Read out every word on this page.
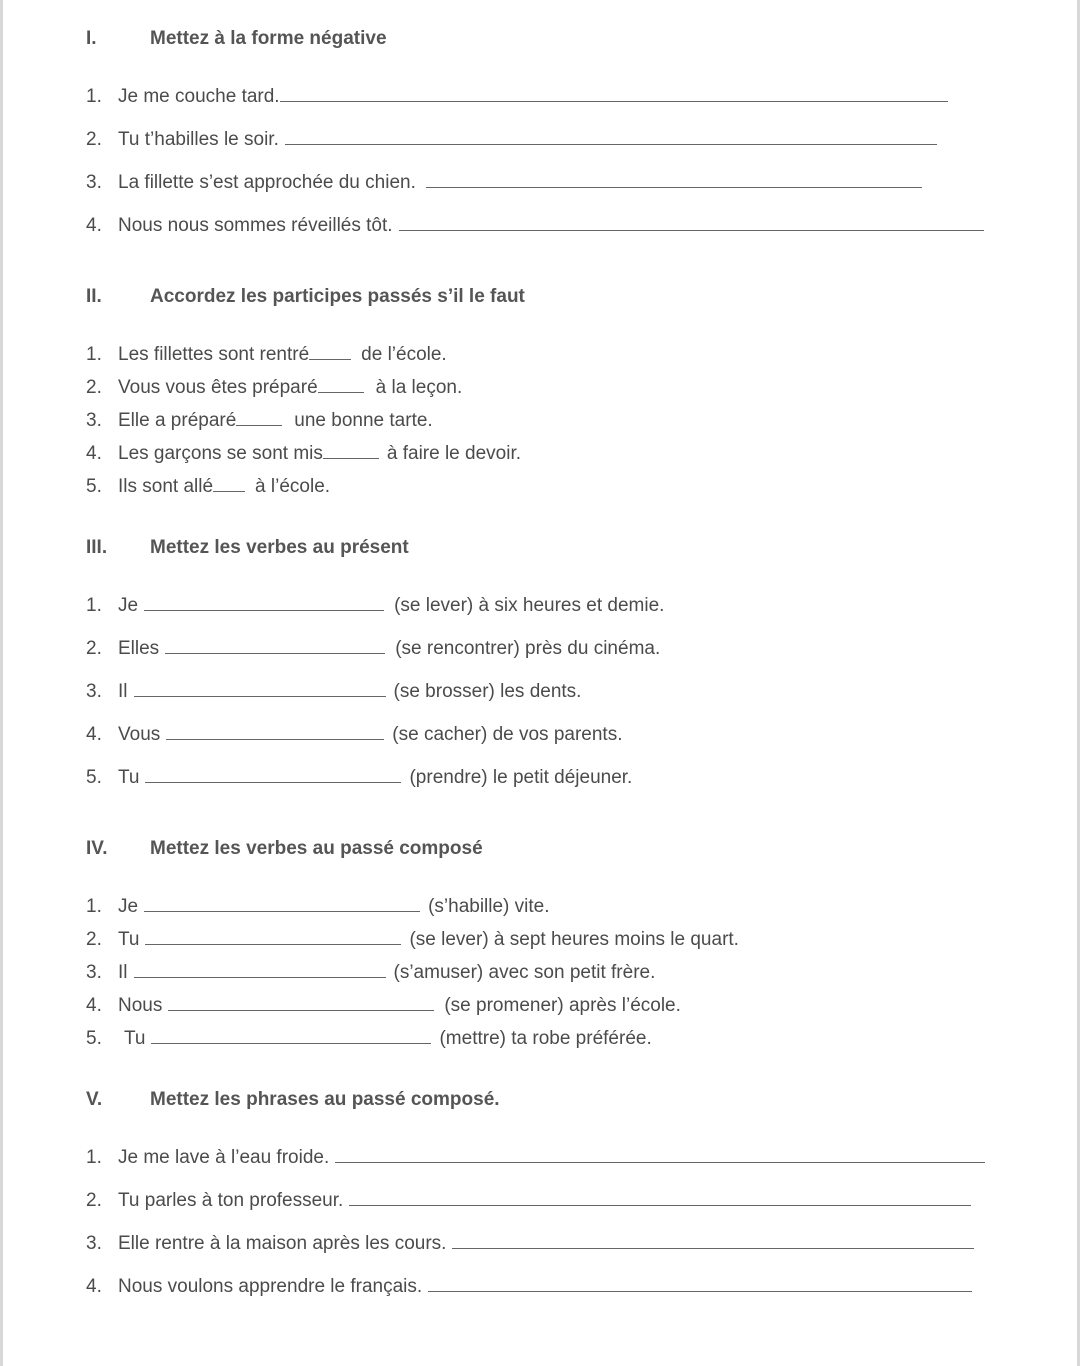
I.	Mettez à la forme négative
1. Je me couche tard.
2. Tu t’habilles le soir.
3. La fillette s’est approchée du chien.
4. Nous nous sommes réveillés tôt.
II.	Accordez les participes passés s’il le faut
1. Les fillettes sont rentré	de l’école.
2. Vous vous êtes préparé	à la leçon.
3. Elle a préparé	une bonne tarte.
4. Les garçons se sont mis	à faire le devoir.
5. Ils sont allé à l’école.
III. Mettez les verbes au présent
1. Je	(se lever) à six heures et demie.
2. Elles	(se rencontrer) près du cinéma.
3. Il	(se brosser) les dents.
4. Vous	(se cacher) de vos parents.
5. Tu	(prendre) le petit déjeuner.
IV. Mettez les verbes au passé composé
1. Je	(s’habille) vite.
2. Tu	(se lever) à sept heures moins le quart.
3. Il	(s’amuser) avec son petit frère.
4. Nous	(se promener) après l’école.
5. Tu	(mettre) ta robe préférée.
V.	Mettez les phrases au passé composé.
1. Je me lave à l’eau froide.
2. Tu parles à ton professeur.
3. Elle rentre à la maison après les cours.
4. Nous voulons apprendre le français.
